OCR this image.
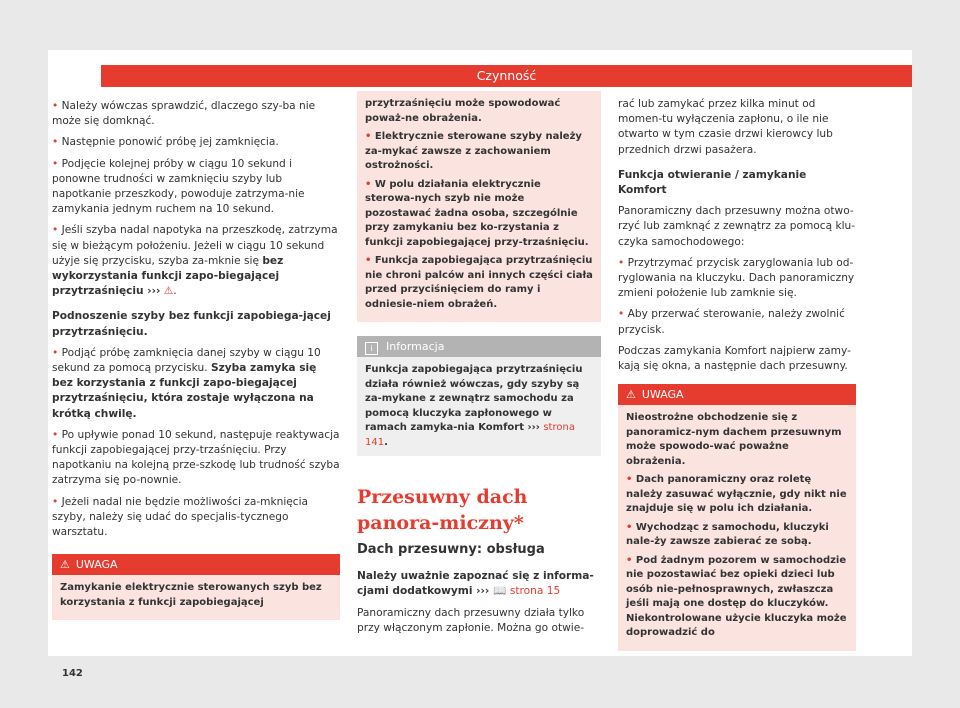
Czynność

• Należy wówczas sprawdzić, dlaczego szy-ba nie może się domknąć.

• Następnie ponowić próbę jej zamknięcia.

• Podjęcie kolejnej próby w ciągu 10 sekund i ponowne trudności w zamknięciu szyby lub napotkanie przeszkody, powoduje zatrzyma-nie zamykania jednym ruchem na 10 sekund.

• Jeśli szyba nadal napotyka na przeszkodę, zatrzyma się w bieżącym położeniu. Jeżeli w ciągu 10 sekund użyje się przycisku, szyba za-mknie się bez wykorzystania funkcji zapo-biegającej przytrzaśnięciu ››› ⚠.

Podnoszenie szyby bez funkcji zapobiega-jącej przytrzaśnięciu.

• Podjąć próbę zamknięcia danej szyby w ciągu 10 sekund za pomocą przycisku. Szyba zamyka się bez korzystania z funkcji zapo-biegającej przytrzaśnięciu, która zostaje wyłączona na krótką chwilę.

• Po upływie ponad 10 sekund, następuje reaktywacja funkcji zapobiegającej przy-trzaśnięciu. Przy napotkaniu na kolejną prze-szkodę lub trudność szyba zatrzyma się po-nownie.

• Jeżeli nadal nie będzie możliwości za-mknięcia szyby, należy się udać do specjalis-tycznego warsztatu.

⚠ UWAGA

Zamykanie elektrycznie sterowanych szyb bez korzystania z funkcji zapobiegającej

przytrzaśnięciu może spowodować poważ-ne obrażenia.

• Elektrycznie sterowane szyby należy za-mykać zawsze z zachowaniem ostrożności.

• W polu działania elektrycznie sterowa-nych szyb nie może pozostawać żadna osoba, szczególnie przy zamykaniu bez ko-rzystania z funkcji zapobiegającej przy-trzaśnięciu.

• Funkcja zapobiegająca przytrzaśnięciu nie chroni palców ani innych części ciała przed przyciśnięciem do ramy i odniesie-niem obrażeń.

i Informacja
Funkcja zapobiegająca przytrzaśnięciu działa również wówczas, gdy szyby są za-mykane z zewnątrz samochodu za pomocą kluczyka zapłonowego w ramach zamyka-nia Komfort ››› strona 141.
Przesuwny dach panora-miczny*
Dach przesuwny: obsługa

Należy uważnie zapoznać się z informa-cjami dodatkowymi ››› 📖 strona 15

Panoramiczny dach przesuwny działa tylko przy włączonym zapłonie. Można go otwie-

rać lub zamykać przez kilka minut od momen-tu wyłączenia zapłonu, o ile nie otwarto w tym czasie drzwi kierowcy lub przednich drzwi pasażera.

Funkcja otwieranie / zamykanie Komfort

Panoramiczny dach przesuwny można otwo-rzyć lub zamknąć z zewnątrz za pomocą klu-czyka samochodowego:

• Przytrzymać przycisk zaryglowania lub od-ryglowania na kluczyku. Dach panoramiczny zmieni położenie lub zamknie się.

• Aby przerwać sterowanie, należy zwolnić przycisk.

Podczas zamykania Komfort najpierw zamy-kają się okna, a następnie dach przesuwny.

⚠ UWAGA

Nieostrożne obchodzenie się z panoramicz-nym dachem przesuwnym może spowodo-wać poważne obrażenia.

• Dach panoramiczny oraz roletę należy zasuwać wyłącznie, gdy nikt nie znajduje się w polu ich działania.

• Wychodząc z samochodu, kluczyki nale-ży zawsze zabierać ze sobą.

• Pod żadnym pozorem w samochodzie nie pozostawiać bez opieki dzieci lub osób nie-pełnosprawnych, zwłaszcza jeśli mają one dostęp do kluczyków. Niekontrolowane użycie kluczyka może doprowadzić do

142
